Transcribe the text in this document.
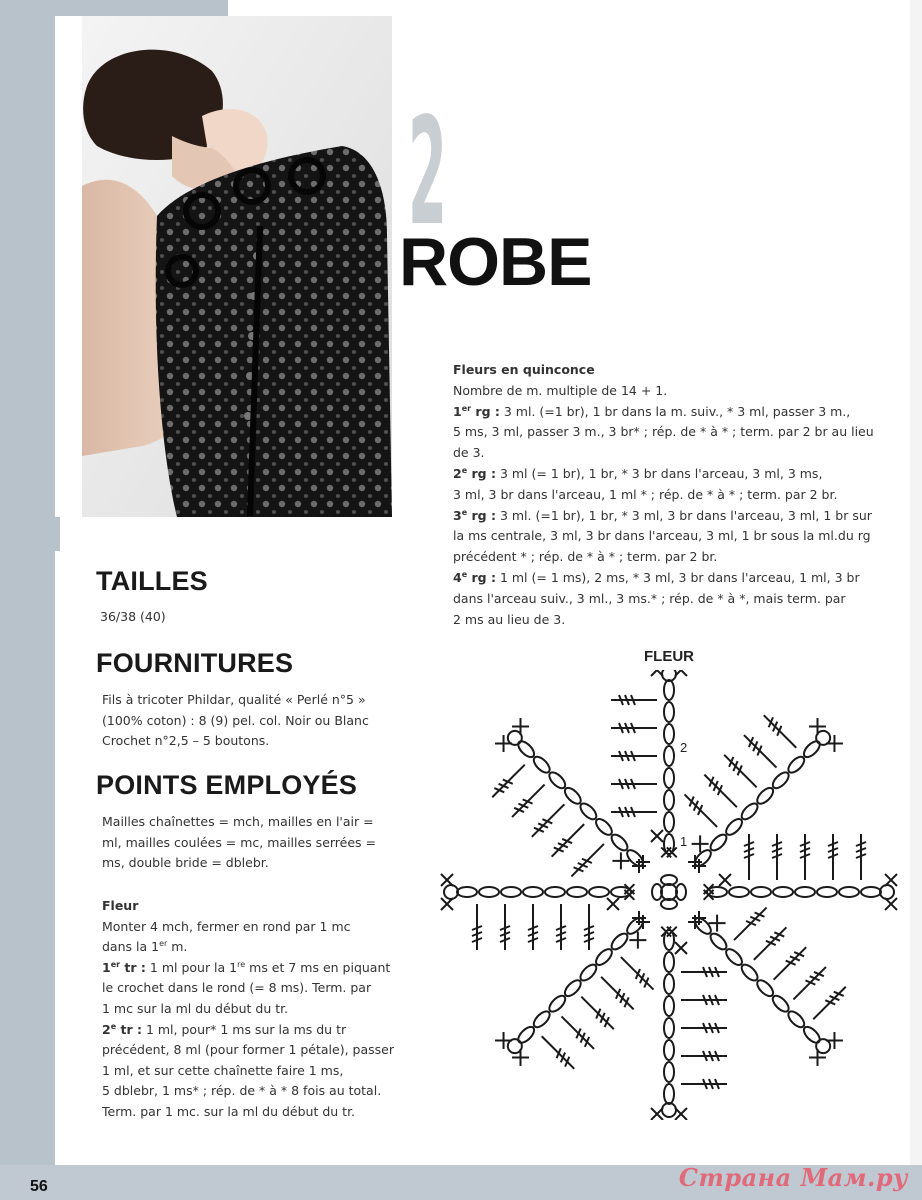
2
ROBE
TAILLES

36/38 (40)

FOURNITURES
Fils à tricoter Phildar, qualité « Perlé n°5 »
(100% coton) : 8 (9) pel. col. Noir ou Blanc
Crochet n°2,5 – 5 boutons.
POINTS EMPLOYÉS
Mailles chaînettes = mch, mailles en l'air =
ml, mailles coulées = mc, mailles serrées =
ms, double bride = dblebr.
Fleur
Monter 4 mch, fermer en rond par 1 mc
dans la 1er m.
1er tr : 1 ml pour la 1re ms et 7 ms en piquant
le crochet dans le rond (= 8 ms). Term. par
1 mc sur la ml du début du tr.
2e tr : 1 ml, pour* 1 ms sur la ms du tr
précédent, 8 ml (pour former 1 pétale), passer
1 ml, et sur cette chaînette faire 1 ms,
5 dblebr, 1 ms* ; rép. de * à * 8 fois au total.
Term. par 1 mc. sur la ml du début du tr.
Fleurs en quinconce
Nombre de m. multiple de 14 + 1.
1er rg : 3 ml. (=1 br), 1 br dans la m. suiv., * 3 ml, passer 3 m.,
5 ms, 3 ml, passer 3 m., 3 br* ; rép. de * à * ; term. par 2 br au lieu
de 3.
2e rg : 3 ml (= 1 br), 1 br, * 3 br dans l'arceau, 3 ml, 3 ms,
3 ml, 3 br dans l'arceau, 1 ml * ; rép. de * à * ; term. par 2 br.
3e rg : 3 ml. (=1 br), 1 br, * 3 ml, 3 br dans l'arceau, 3 ml, 1 br sur
la ms centrale, 3 ml, 3 br dans l'arceau, 3 ml, 1 br sous la ml.du rg
précédent * ; rép. de * à * ; term. par 2 br.
4e rg : 1 ml (= 1 ms), 2 ms, * 3 ml, 3 br dans l'arceau, 1 ml, 3 br
dans l'arceau suiv., 3 ml., 3 ms.* ; rép. de * à *, mais term. par
2 ms au lieu de 3.
FLEUR
1
2
56	Страна Мам.ру
